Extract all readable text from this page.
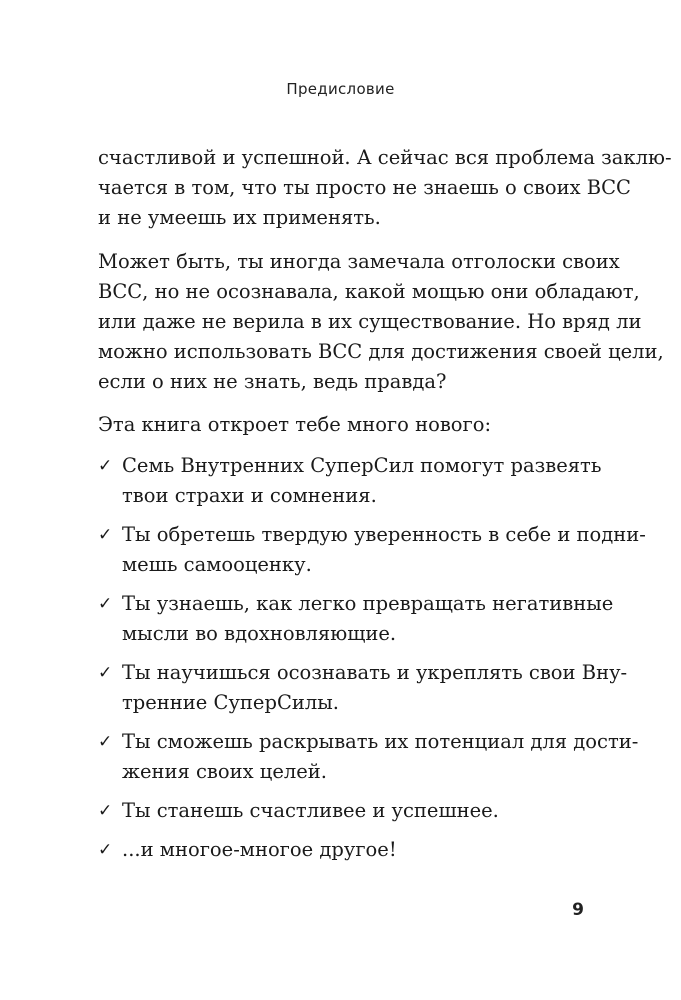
Предисловие

счастливой и успешной. А сейчас вся проблема заклю-
чается в том, что ты просто не знаешь о своих ВСС
и не умеешь их применять.

Может быть, ты иногда замечала отголоски своих
ВСС, но не осознавала, какой мощью они обладают,
или даже не верила в их существование. Но вряд ли
можно использовать ВСС для достижения своей цели,
если о них не знать, ведь правда?

Эта книга откроет тебе много нового:

✓ Семь Внутренних СуперСил помогут развеять
твои страхи и сомнения.
✓ Ты обретешь твердую уверенность в себе и подни-
мешь самооценку.
✓ Ты узнаешь, как легко превращать негативные
мысли во вдохновляющие.
✓ Ты научишься осознавать и укреплять свои Вну-
тренние СуперСилы.
✓ Ты сможешь раскрывать их потенциал для дости-
жения своих целей.
✓ Ты станешь счастливее и успешнее.
✓ ...и многое-многое другое!
9
